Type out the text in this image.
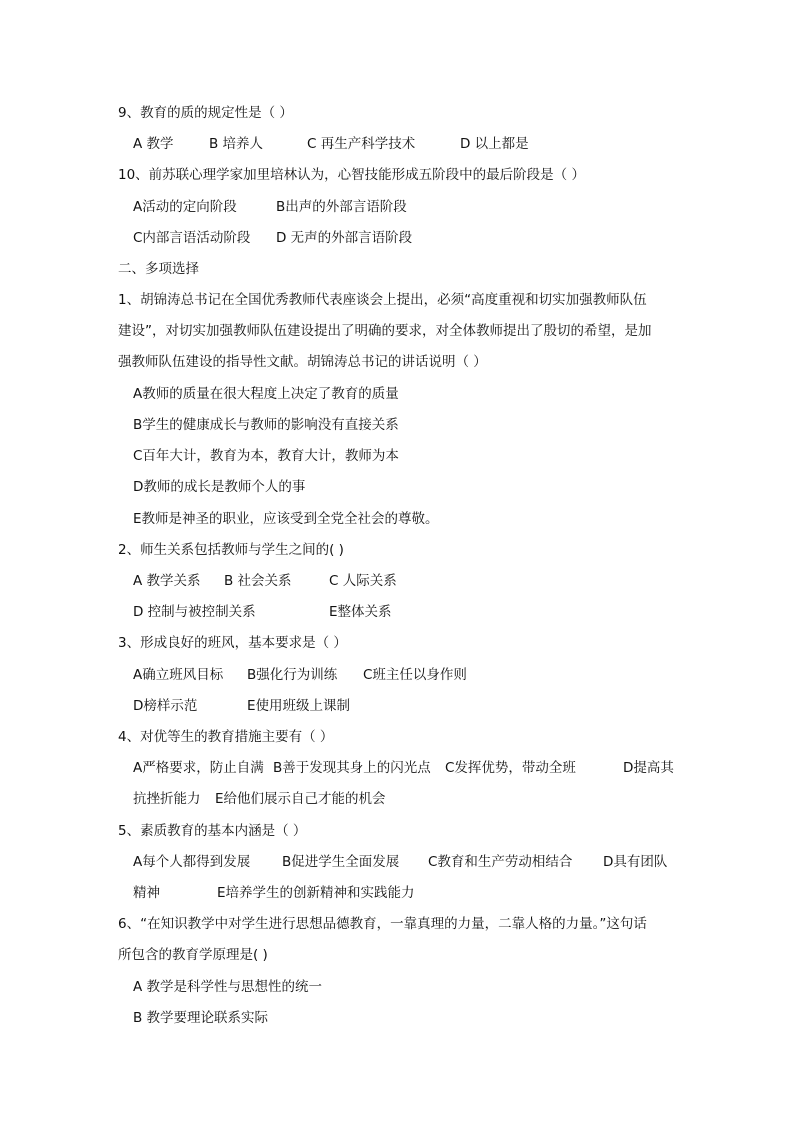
9、教育的质的规定性是（ ）
A 教学	B 培养人	C 再生产科学技术	D 以上都是
10、前苏联心理学家加里培林认为，心智技能形成五阶段中的最后阶段是（ ）
A活动的定向阶段	B出声的外部言语阶段
C内部言语活动阶段 D 无声的外部言语阶段
二、多项选择
1、胡锦涛总书记在全国优秀教师代表座谈会上提出，必须“高度重视和切实加强教师队伍
建设”，对切实加强教师队伍建设提出了明确的要求，对全体教师提出了殷切的希望，是加
强教师队伍建设的指导性文献。胡锦涛总书记的讲话说明（ ）
A教师的质量在很大程度上决定了教育的质量
B学生的健康成长与教师的影响没有直接关系
C百年大计，教育为本，教育大计，教师为本
D教师的成长是教师个人的事
E教师是神圣的职业，应该受到全党全社会的尊敬。
2、师生关系包括教师与学生之间的( )
A 教学关系 B 社会关系	C 人际关系
D 控制与被控制关系	E整体关系
3、形成良好的班风，基本要求是（ ）
A确立班风目标 B强化行为训练 C班主任以身作则
D榜样示范	E使用班级上课制
4、对优等生的教育措施主要有（ ）
A严格要求，防止自满 B善于发现其身上的闪光点 C发挥优势，带动全班	D提高其
抗挫折能力 E给他们展示自己才能的机会
5、素质教育的基本内涵是（ ）
A每个人都得到发展 B促进学生全面发展 C教育和生产劳动相结合 D具有团队
精神	E培养学生的创新精神和实践能力
6、“在知识教学中对学生进行思想品德教育，一靠真理的力量，二靠人格的力量。”这句话
所包含的教育学原理是( )
A 教学是科学性与思想性的统一
B 教学要理论联系实际
